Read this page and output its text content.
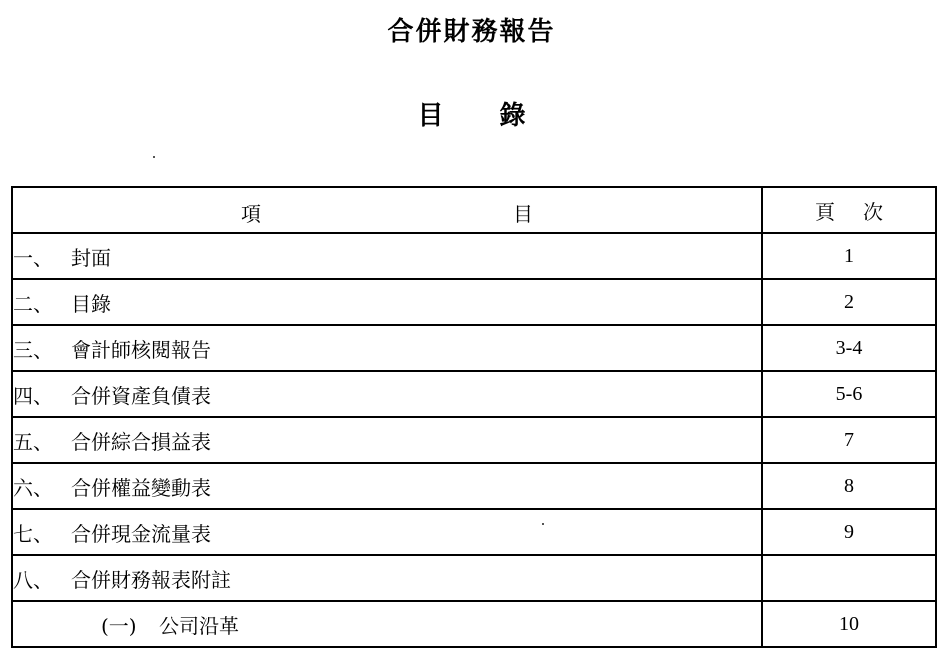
合併財務報告
目 錄
項 目	頁 次
一、 封面	1
二、 目錄	2
三、 會計師核閱報告	3-4
四、 合併資產負債表	5-6
五、 合併綜合損益表	7
六、 合併權益變動表	8
七、 合併現金流量表	9
八、 合併財務報表附註	
(一) 公司沿革	10
